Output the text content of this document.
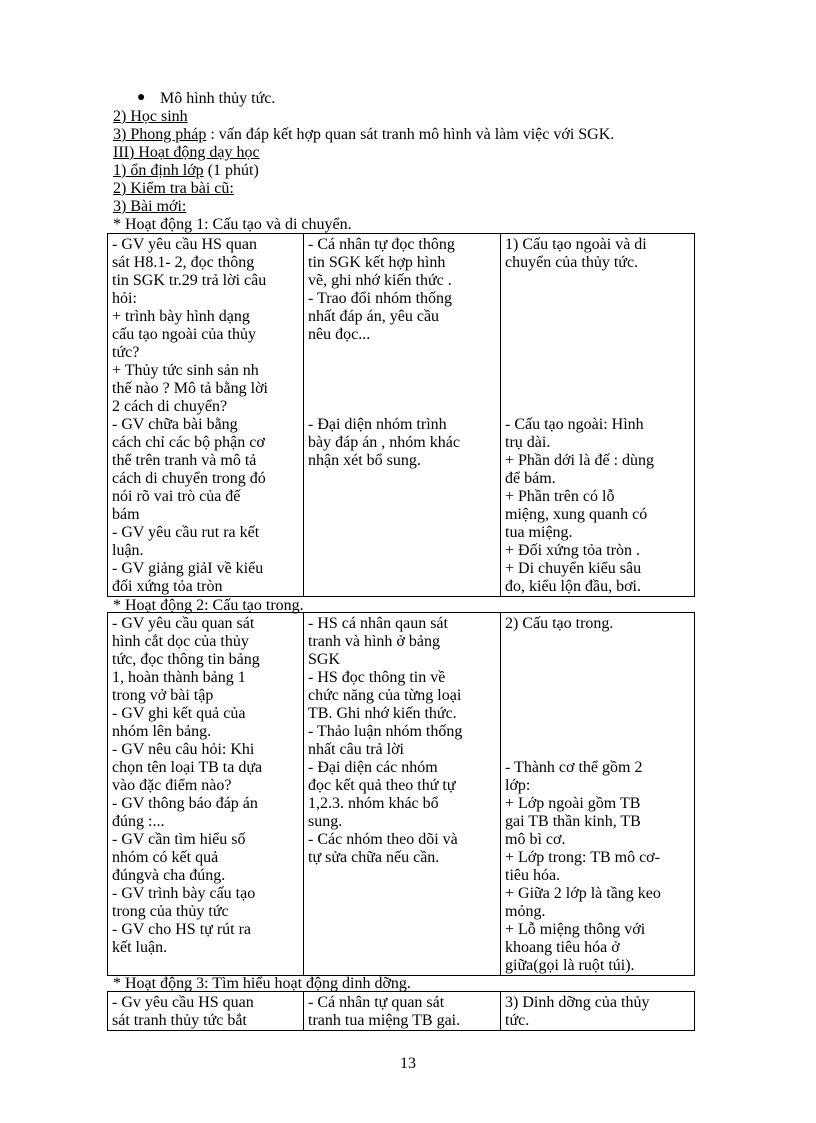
● Mô hình thủy tức.
2) Học sinh
3) Phong pháp : vấn đáp kết hợp quan sát tranh mô hình và làm việc với SGK.
III) Hoạt động dạy học
1) ổn định lớp (1 phút)
2) Kiểm tra bài cũ:
3) Bài mới:
* Hoạt động 1: Cấu tạo và di chuyển.
- GV yêu cầu HS quan
sát H8.1- 2, đọc thông
tin SGK tr.29 trả lời câu
hỏi:
+ trình bày hình dạng
cấu tạo ngoài của thủy
tức?
+ Thủy tức sinh sản nh
thế nào ? Mô tả bằng lời
2 cách di chuyển?
- GV chữa bài bằng
cách chỉ các bộ phận cơ
thể trên tranh và mô tả
cách di chuyển trong đó
nói rõ vai trò của đế
bám
- GV yêu cầu rut ra kết
luận.
- GV giảng giảI về kiểu
đối xứng tỏa tròn

- Cá nhân tự đọc thông
tin SGK kết hợp hình
vẽ, ghi nhớ kiến thức .
- Trao đổi nhóm thống
nhất đáp án, yêu cầu
nêu đọc...
- Đại diện nhóm trình
bày đáp án , nhóm khác
nhận xét bổ sung.

1) Cấu tạo ngoài và di
chuyển của thủy tức.
- Cấu tạo ngoài: Hình
trụ dài.
+ Phần dới là đế : dùng
để bám.
+ Phần trên có lỗ
miệng, xung quanh có
tua miệng.
+ Đối xứng tỏa tròn .
+ Di chuyển kiểu sâu
đo, kiểu lộn đầu, bơi.
* Hoạt động 2: Cấu tạo trong.
- GV yêu cầu quan sát
hình cắt dọc của thủy
tức, đọc thông tin bảng
1, hoàn thành bảng 1
trong vở bài tập
- GV ghi kết quả của
nhóm lên bảng.
- GV nêu câu hỏi: Khi
chọn tên loại TB ta dựa
vào đặc điểm nào?
- GV thông báo đáp án
đúng :...
- GV cần tìm hiểu số
nhóm có kết quả
đúngvà cha đúng.
- GV trình bày cấu tạo
trong của thủy tức
- GV cho HS tự rút ra
kết luận.

- HS cá nhân qaun sát
tranh và hình ở bảng
SGK
- HS đọc thông tin về
chức năng của từng loại
TB. Ghi nhớ kiến thức.
- Thảo luận nhóm thống
nhất câu trả lời
- Đại diện các nhóm
đọc kết quả theo thứ tự
1,2.3. nhóm khác bổ
sung.
- Các nhóm theo dõi và
tự sửa chữa nếu cần.

2) Cấu tạo trong.
- Thành cơ thể gồm 2
lớp:
+ Lớp ngoài gồm TB
gai TB thần kinh, TB
mô bì cơ.
+ Lớp trong: TB mô cơ-
tiêu hóa.
+ Giữa 2 lớp là tầng keo
mỏng.
+ Lỗ miệng thông với
khoang tiêu hóa ở
giữa(gọi là ruột túi).
* Hoạt động 3: Tìm hiểu hoạt động dinh dỡng.
- Gv yêu cầu HS quan
sát tranh thủy tức bắt

- Cá nhân tự quan sát
tranh tua miệng TB gai.

3) Dinh dỡng của thủy
tức.
13
